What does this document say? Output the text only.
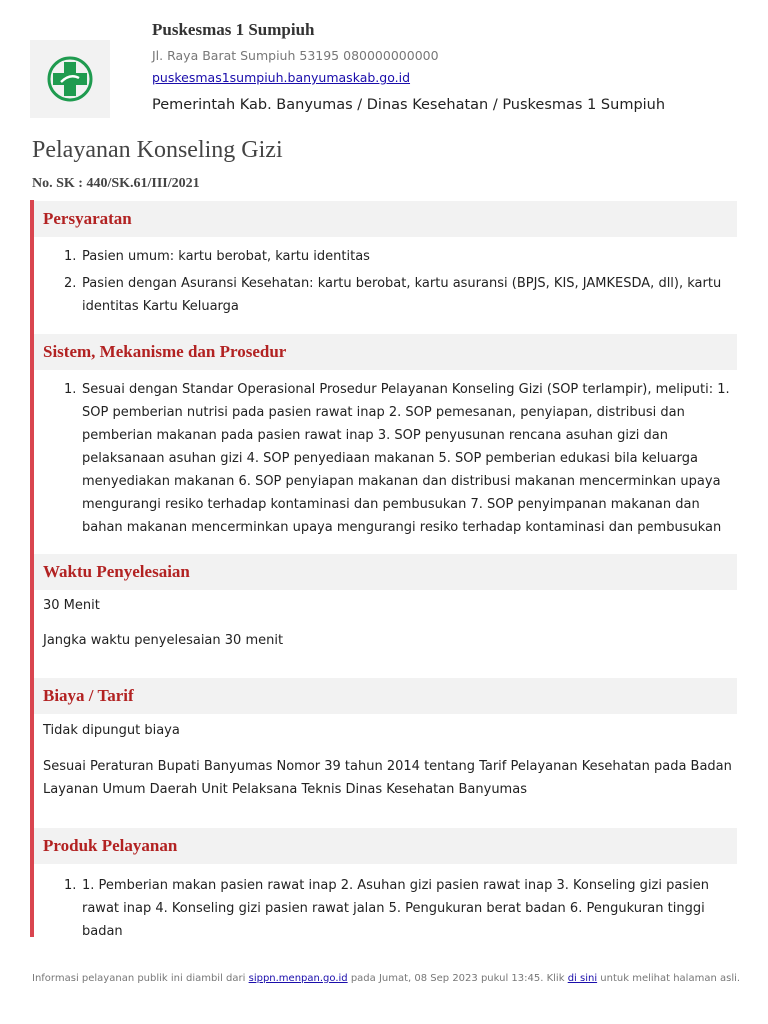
Puskesmas 1 Sumpiuh
Jl. Raya Barat Sumpiuh 53195 080000000000
puskesmas1sumpiuh.banyumaskab.go.id
Pemerintah Kab. Banyumas / Dinas Kesehatan / Puskesmas 1 Sumpiuh
Pelayanan Konseling Gizi
No. SK : 440/SK.61/III/2021
Persyaratan
1. Pasien umum: kartu berobat, kartu identitas
2. Pasien dengan Asuransi Kesehatan: kartu berobat, kartu asuransi (BPJS, KIS, JAMKESDA, dll), kartu identitas Kartu Keluarga
Sistem, Mekanisme dan Prosedur
1. Sesuai dengan Standar Operasional Prosedur Pelayanan Konseling Gizi (SOP terlampir), meliputi: 1. SOP pemberian nutrisi pada pasien rawat inap 2. SOP pemesanan, penyiapan, distribusi dan pemberian makanan pada pasien rawat inap 3. SOP penyusunan rencana asuhan gizi dan pelaksanaan asuhan gizi 4. SOP penyediaan makanan 5. SOP pemberian edukasi bila keluarga menyediakan makanan 6. SOP penyiapan makanan dan distribusi makanan mencerminkan upaya mengurangi resiko terhadap kontaminasi dan pembusukan 7. SOP penyimpanan makanan dan bahan makanan mencerminkan upaya mengurangi resiko terhadap kontaminasi dan pembusukan
Waktu Penyelesaian
30 Menit
Jangka waktu penyelesaian 30 menit
Biaya / Tarif
Tidak dipungut biaya
Sesuai Peraturan Bupati Banyumas Nomor 39 tahun 2014 tentang Tarif Pelayanan Kesehatan pada Badan Layanan Umum Daerah Unit Pelaksana Teknis Dinas Kesehatan Banyumas
Produk Pelayanan
1. 1. Pemberian makan pasien rawat inap 2. Asuhan gizi pasien rawat inap 3. Konseling gizi pasien rawat inap 4. Konseling gizi pasien rawat jalan 5. Pengukuran berat badan 6. Pengukuran tinggi badan
Informasi pelayanan publik ini diambil dari sippn.menpan.go.id pada Jumat, 08 Sep 2023 pukul 13:45. Klik di sini untuk melihat halaman asli.
